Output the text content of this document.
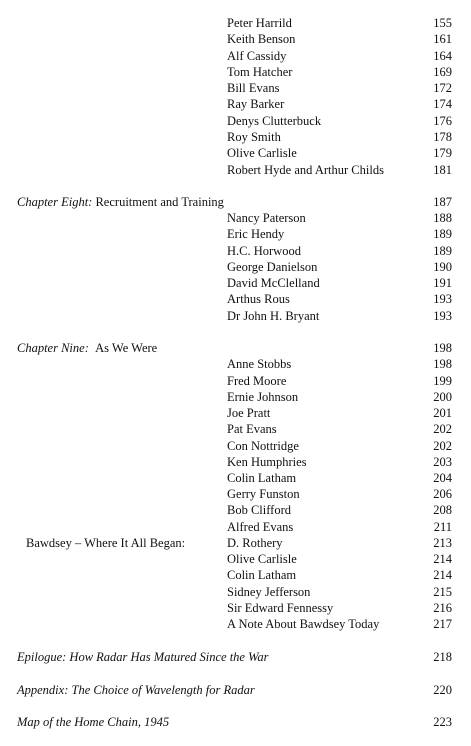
Peter Harrild	155
Keith Benson	161
Alf Cassidy	164
Tom Hatcher	169
Bill Evans	172
Ray Barker	174
Denys Clutterbuck	176
Roy Smith	178
Olive Carlisle	179
Robert Hyde and Arthur Childs	181
Chapter Eight: Recruitment and Training	187
Nancy Paterson	188
Eric Hendy	189
H.C. Horwood	189
George Danielson	190
David McClelland	191
Arthus Rous	193
Dr John H. Bryant	193
Chapter Nine: As We Were	198
Anne Stobbs	198
Fred Moore	199
Ernie Johnson	200
Joe Pratt	201
Pat Evans	202
Con Nottridge	202
Ken Humphries	203
Colin Latham	204
Gerry Funston	206
Bob Clifford	208
Alfred Evans	211
Bawdsey – Where It All Began:	D. Rothery	213
Olive Carlisle	214
Colin Latham	214
Sidney Jefferson	215
Sir Edward Fennessy	216
A Note About Bawdsey Today	217
Epilogue: How Radar Has Matured Since the War	218
Appendix: The Choice of Wavelength for Radar	220
Map of the Home Chain, 1945	223
